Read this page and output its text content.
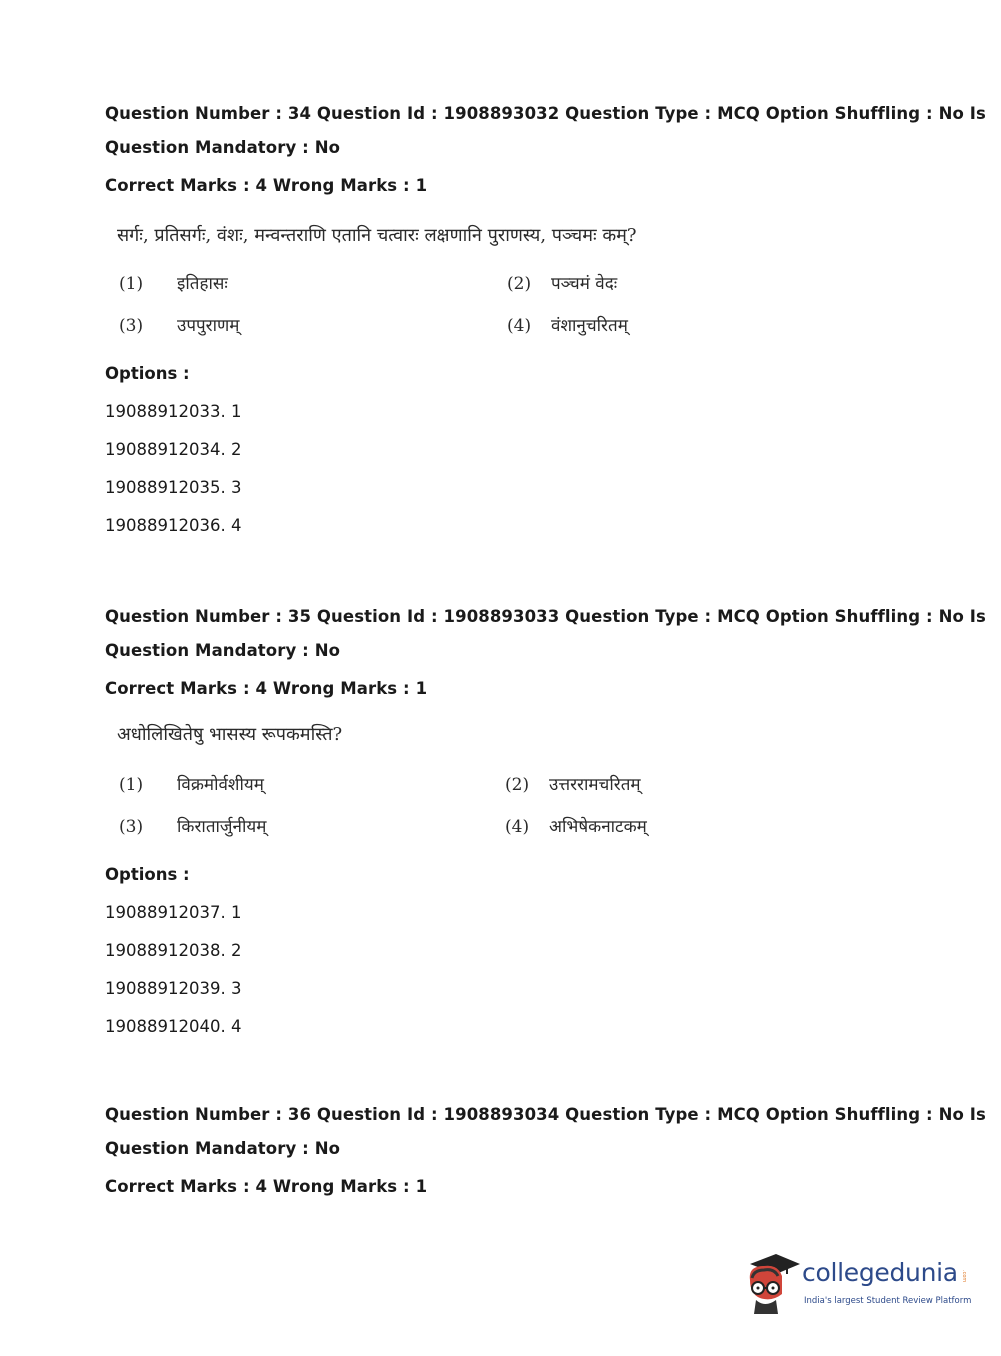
Question Number : 34 Question Id : 1908893032 Question Type : MCQ Option Shuffling : No Is
Question Mandatory : No
Correct Marks : 4 Wrong Marks : 1
सर्गः, प्रतिसर्गः, वंशः, मन्वन्तराणि एतानि चत्वारः लक्षणानि पुराणस्य, पञ्चमः कम्?
(1) इतिहासः	(2) पञ्चमं वेदः
(3) उपपुराणम्	(4) वंशानुचरितम्
Options :
19088912033. 1
19088912034. 2
19088912035. 3
19088912036. 4
Question Number : 35 Question Id : 1908893033 Question Type : MCQ Option Shuffling : No Is
Question Mandatory : No
Correct Marks : 4 Wrong Marks : 1
अधोलिखितेषु भासस्य रूपकमस्ति?
(1) विक्रमोर्वशीयम्	(2) उत्तररामचरितम्
(3) किरातार्जुनीयम्	(4) अभिषेकनाटकम्
Options :
19088912037. 1
19088912038. 2
19088912039. 3
19088912040. 4
Question Number : 36 Question Id : 1908893034 Question Type : MCQ Option Shuffling : No Is
Question Mandatory : No
Correct Marks : 4 Wrong Marks : 1
collegedunia .com
India's largest Student Review Platform
